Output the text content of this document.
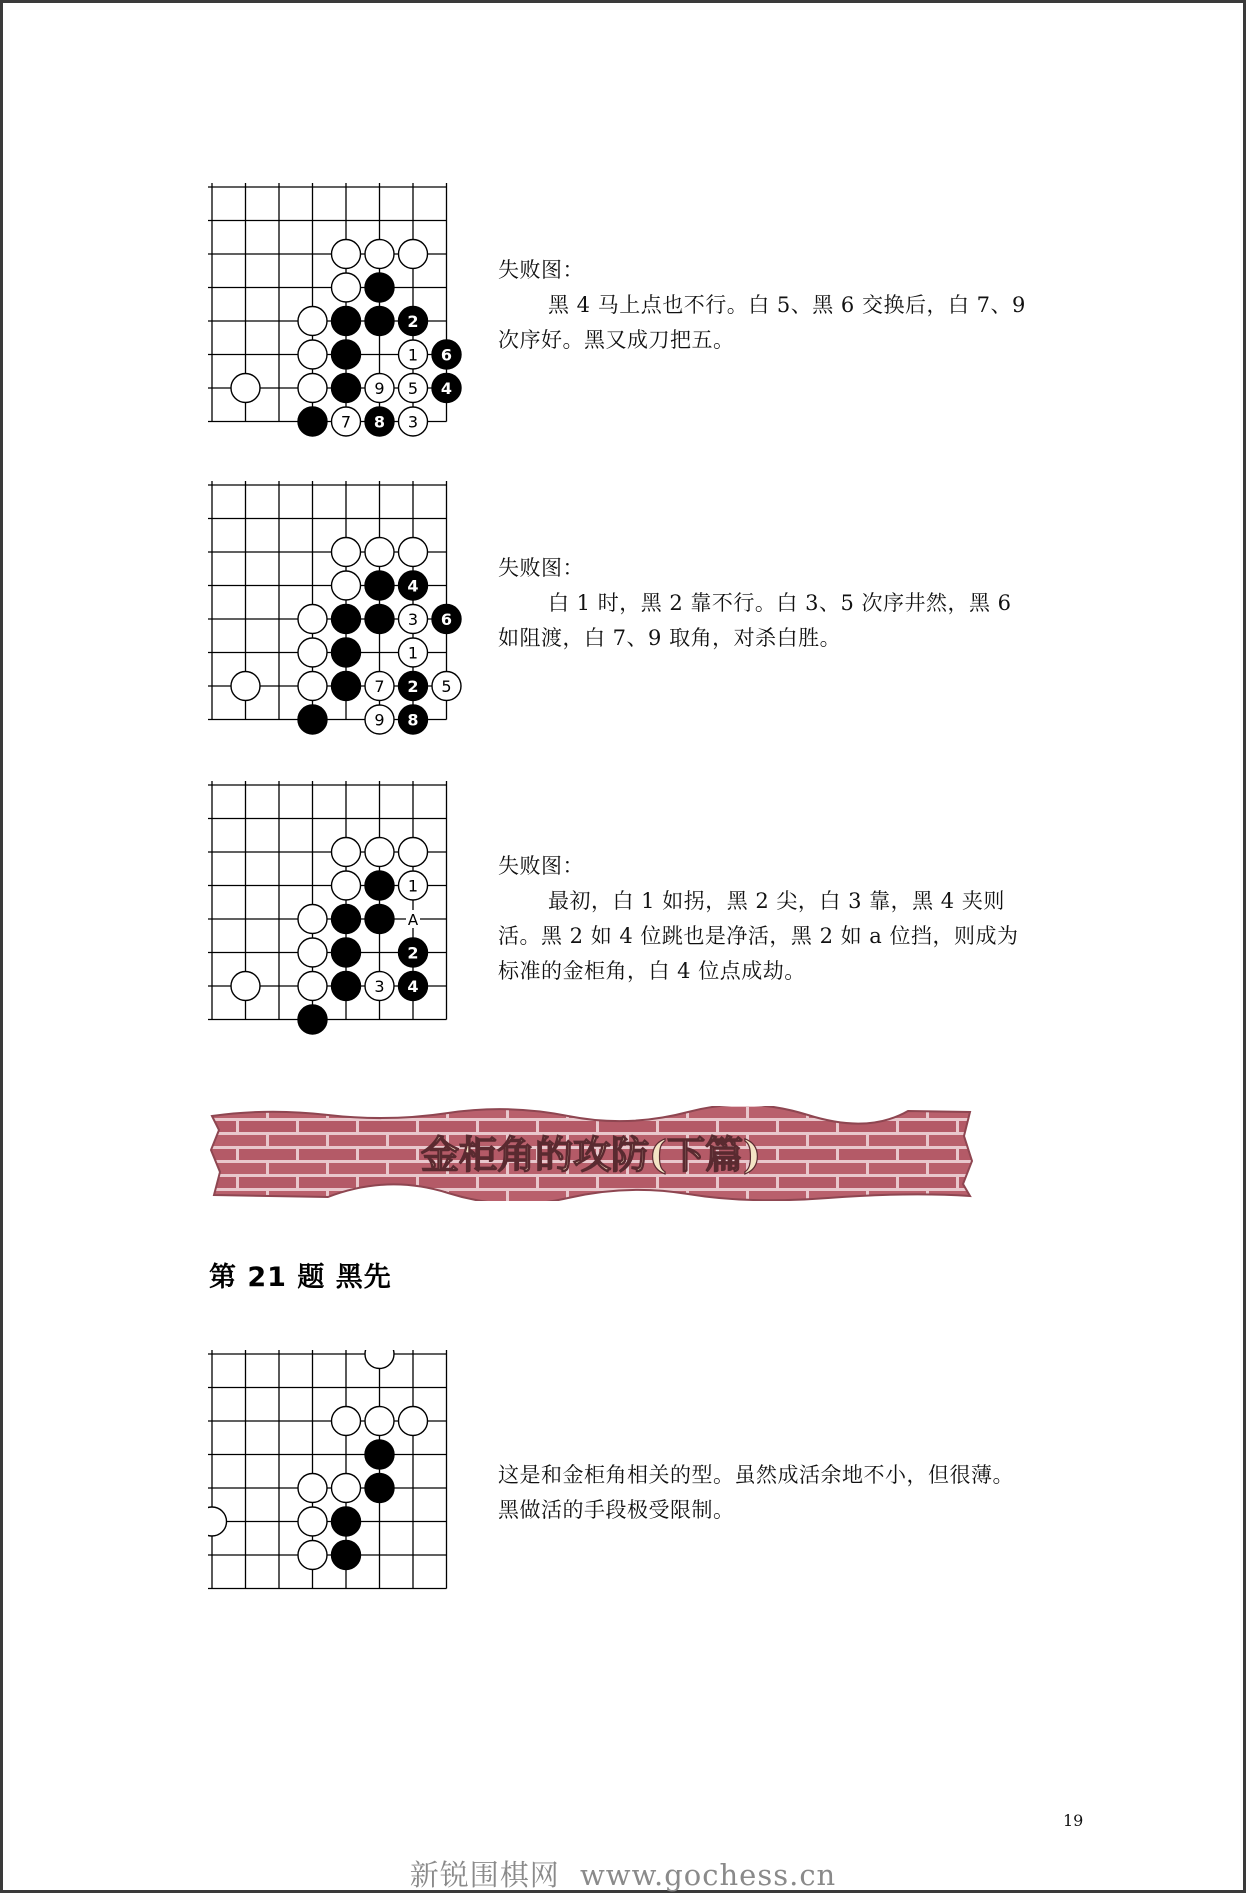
2
1 6
9 5 4
7 8 3
失败图：
黑 4 马上点也不行。白 5、黑 6 交换后，白 7、9 次序好。黑又成刀把五。
4
3 6
1
7 2 5
9 8
失败图：
白 1 时，黑 2 靠不行。白 3、5 次序井然，黑 6 如阻渡，白 7、9 取角，对杀白胜。
A
1
2
3 4
失败图：
最初，白 1 如拐，黑 2 尖，白 3 靠，黑 4 夹则活。黑 2 如 4 位跳也是净活，黑 2 如 a 位挡，则成为标准的金柜角，白 4 位点成劫。
金柜角的攻防(下篇)
第 21 题 黑先
这是和金柜角相关的型。虽然成活余地不小，但很薄。黑做活的手段极受限制。
19
新锐围棋网 www.gochess.cn
